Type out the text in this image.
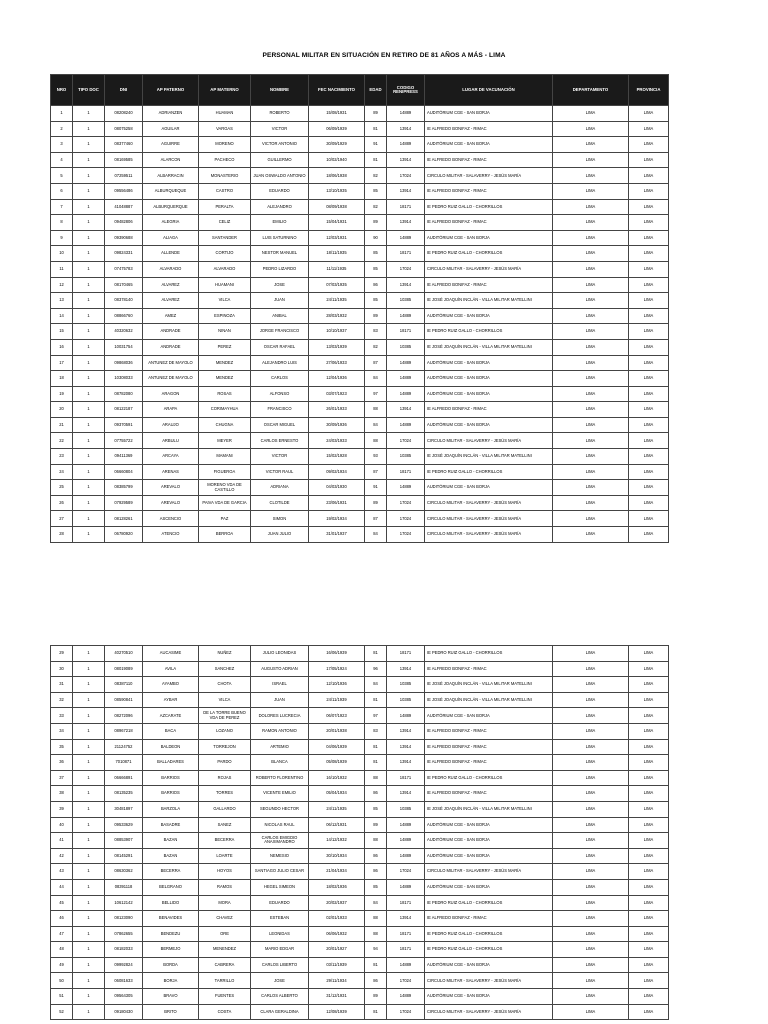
PERSONAL MILITAR EN SITUACIÓN EN RETIRO DE 81 AÑOS A MÁS - LIMA
NRO	TIPO DOC	DNI	AP PATERNO	AP MATERNO	NOMBRE	FEC NACIMIENTO	EDAD	CODIGO RENIPRESS	LUGAR DE VACUNACIÓN	DEPARTAMENTO	PROVINCIA
1	1	08208240	ADRIANZEN	HUAMAN	ROBERTO	15/08/1931	89	14889	AUDITÓRIUM CGE - SAN BORJA	LIMA	LIMA
2	1	08075258	AGUILAR	VARGAS	VICTOR	06/09/1939	81	13914	IE ALFREDO BONIFAZ - RIMAC	LIMA	LIMA
3	1	08377460	AGUIRRE	MORENO	VICTOR ANTONIO	30/09/1929	91	14889	AUDITÓRIUM CGE - SAN BORJA	LIMA	LIMA
4	1	08169585	ALARCON	PACHECO	GUILLERMO	10/02/1940	81	13914	IE ALFREDO BONIFAZ - RIMAC	LIMA	LIMA
5	1	07259511	ALBARRACIN	MONASTERIO	JUAN OSWALDO ANTONIO	18/06/1938	82	17024	CIRCULO MILITAR - SALAVERRY - JESÚS MARÍA	LIMA	LIMA
6	1	09556486	ALBURQUEQUE	CASTRO	EDUARDO	13/10/1935	85	13914	IE ALFREDO BONIFAZ - RIMAC	LIMA	LIMA
7	1	41048887	ALBURQUERQUE	PERALTA	ALEJANDRO	08/09/1938	82	18171	IE PEDRO RUIZ GALLO - CHORRILLOS	LIMA	LIMA
8	1	09482806	ALEGRIA	CELIZ	EMILIO	15/04/1931	89	13914	IE ALFREDO BONIFAZ - RIMAC	LIMA	LIMA
9	1	09390688	ALIAGA	SANTANDER	LUIS SATURNINO	12/03/1931	90	14889	AUDITÓRIUM CGE - SAN BORJA	LIMA	LIMA
10	1	09824331	ALLENDE	CORTIJO	NESTOR MANUEL	18/11/1935	85	18171	IE PEDRO RUIZ GALLO - CHORRILLOS	LIMA	LIMA
11	1	07475783	ALVARADO	ALVARADO	PEDRO LIZARDO	11/11/1935	85	17024	CIRCULO MILITAR - SALAVERRY - JESÚS MARÍA	LIMA	LIMA
12	1	08170465	ALVAREZ	HUAMANI	JOSE	07/03/1935	86	13914	IE ALFREDO BONIFAZ - RIMAC	LIMA	LIMA
13	1	08378140	ALVAREZ	VILCA	JUAN	24/11/1935	85	10385	IE JOSÉ JOAQUÍN INCLÁN - VILLA MILITAR MATELLINI	LIMA	LIMA
14	1	08866760	AMEZ	ESPINOZA	ANIBAL	28/03/1932	89	14889	AUDITÓRIUM CGE - SAN BORJA	LIMA	LIMA
15	1	40320632	ANDRADE	NINAN	JORGE FRANCISCO	10/10/1937	83	18171	IE PEDRO RUIZ GALLO - CHORRILLOS	LIMA	LIMA
16	1	10031754	ANDRADE	PEREZ	OSCAR RAFAEL	13/03/1939	82	10385	IE JOSÉ JOAQUÍN INCLÁN - VILLA MILITAR MATELLINI	LIMA	LIMA
17	1	09868036	ANTUNEZ DE MAYOLO	MENDEZ	ALEJANDRO LUIS	27/06/1933	87	14889	AUDITÓRIUM CGE - SAN BORJA	LIMA	LIMA
18	1	10308033	ANTUNEZ DE MAYOLO	MENDEZ	CARLOS	12/04/1936	84	14889	AUDITÓRIUM CGE - SAN BORJA	LIMA	LIMA
19	1	08782080	ARAGON	ROSAS	ALFONSO	03/07/1923	97	14889	AUDITÓRIUM CGE - SAN BORJA	LIMA	LIMA
20	1	08122187	ARAPA	CORIMAYHUA	FRANCISCO	26/01/1933	88	13914	IE ALFREDO BONIFAZ - RIMAC	LIMA	LIMA
21	1	09370591	ARAUJO	CHUGNA	OSCAR MIGUEL	30/09/1936	84	14889	AUDITÓRIUM CGE - SAN BORJA	LIMA	LIMA
22	1	07755722	ARBULU	MEYER	CARLOS ERNESTO	24/03/1933	88	17024	CIRCULO MILITAR - SALAVERRY - JESÚS MARÍA	LIMA	LIMA
23	1	09411369	ARCAYA	MAMANI	VICTOR	15/02/1928	93	10385	IE JOSÉ JOAQUÍN INCLÁN - VILLA MILITAR MATELLINI	LIMA	LIMA
24	1	06660804	ARENAS	FIGUEROA	VICTOR RAUL	09/02/1934	87	18171	IE PEDRO RUIZ GALLO - CHORRILLOS	LIMA	LIMA
25	1	08385799	AREVALO	MORENO VDA DE CASTILLO	ADRIANA	04/03/1930	91	14889	AUDITÓRIUM CGE - SAN BORJA	LIMA	LIMA
26	1	07929589	AREVALO	PAIVA VDA DE GARCIA	CLOTILDE	23/06/1931	89	17024	CIRCULO MILITAR - SALAVERRY - JESÚS MARÍA	LIMA	LIMA
27	1	08128261	ASCENCIO	PAZ	SIMON	19/02/1934	87	17024	CIRCULO MILITAR - SALAVERRY - JESÚS MARÍA	LIMA	LIMA
28	1	06780920	ATENCIO	BERROA	JUAN JULIO	31/01/1937	84	17024	CIRCULO MILITAR - SALAVERRY - JESÚS MARÍA	LIMA	LIMA
29	1	40270510	AUCASIME	NUÑEZ	JULIO LEONIDAS	16/06/1939	81	18171	IE PEDRO RUIZ GALLO - CHORRILLOS	LIMA	LIMA
30	1	08019089	AVILA	SANCHEZ	AUGUSTO ADRIAN	17/05/1924	96	13914	IE ALFREDO BONIFAZ - RIMAC	LIMA	LIMA
31	1	08387110	AYAMBO	CHOTA	ISRAEL	12/10/1936	84	10385	IE JOSÉ JOAQUÍN INCLÁN - VILLA MILITAR MATELLINI	LIMA	LIMA
32	1	08590841	AYBAR	VILCA	JUAN	24/11/1939	81	10385	IE JOSÉ JOAQUÍN INCLÁN - VILLA MILITAR MATELLINI	LIMA	LIMA
33	1	08272096	AZCARATE	DE LA TORRE BUENO VDA DE PEREZ	DOLORES LUCRECIA	06/07/1923	97	14889	AUDITÓRIUM CGE - SAN BORJA	LIMA	LIMA
34	1	08967218	BACA	LOZANO	RAMON ANTONIO	20/01/1938	83	13914	IE ALFREDO BONIFAZ - RIMAC	LIMA	LIMA
35	1	21124752	BALDEON	TORREJON	ARTEMIO	04/06/1939	81	13914	IE ALFREDO BONIFAZ - RIMAC	LIMA	LIMA
36	1	7010871	BALLADARES	PARDO	BLANCA	05/08/1939	81	13914	IE ALFREDO BONIFAZ - RIMAC	LIMA	LIMA
37	1	06666891	BARRIOS	ROJAS	ROBERTO FLORENTINO	16/10/1932	88	18171	IE PEDRO RUIZ GALLO - CHORRILLOS	LIMA	LIMA
38	1	08135235	BARRIOS	TORRES	VICENTE EMILIO	05/04/1934	86	13914	IE ALFREDO BONIFAZ - RIMAC	LIMA	LIMA
39	1	30481897	BARZOLA	GALLARDO	SEGUNDO HECTOR	24/11/1935	85	10385	IE JOSÉ JOAQUÍN INCLÁN - VILLA MILITAR MATELLINI	LIMA	LIMA
40	1	09533629	BASADRE	SANEZ	NICOLAS RAUL	06/12/1931	89	14889	AUDITÓRIUM CGE - SAN BORJA	LIMA	LIMA
41	1	08853907	BAZAN	BECERRA	CARLOS EMIGDIO ANAXIMANDRO	14/12/1932	88	14889	AUDITÓRIUM CGE - SAN BORJA	LIMA	LIMA
42	1	08145291	BAZAN	LOARTE	NEMESIO	30/10/1934	86	14889	AUDITÓRIUM CGE - SAN BORJA	LIMA	LIMA
43	1	08630362	BECERRA	HOYOS	SANTIAGO JULIO CESAR	21/04/1934	86	17024	CIRCULO MILITAR - SALAVERRY - JESÚS MARÍA	LIMA	LIMA
44	1	08391118	BELGRANO	RAMOS	HEGEL SIMEON	18/02/1936	85	14889	AUDITÓRIUM CGE - SAN BORJA	LIMA	LIMA
45	1	10612142	BELLIDO	MORA	EDUARDO	20/02/1937	84	18171	IE PEDRO RUIZ GALLO - CHORRILLOS	LIMA	LIMA
46	1	08123090	BENAVIDES	CHAVEZ	ESTEBAN	02/01/1933	88	13914	IE ALFREDO BONIFAZ - RIMAC	LIMA	LIMA
47	1	07862655	BENDEZU	ORE	LEONIDAS	06/06/1932	88	18171	IE PEDRO RUIZ GALLO - CHORRILLOS	LIMA	LIMA
48	1	08182033	BERMEJO	MENENDEZ	MARIO EDGAR	20/01/1927	94	18171	IE PEDRO RUIZ GALLO - CHORRILLOS	LIMA	LIMA
49	1	09992824	BORDA	CABRERA	CARLOS LIBERTO	03/11/1939	81	14889	AUDITÓRIUM CGE - SAN BORJA	LIMA	LIMA
50	1	06081633	BORJA	TARRILLO	JOSE	29/11/1934	86	17024	CIRCULO MILITAR - SALAVERRY - JESÚS MARÍA	LIMA	LIMA
51	1	09564305	BRAVO	FUENTES	CARLOS ALBERTO	31/12/1931	89	14889	AUDITÓRIUM CGE - SAN BORJA	LIMA	LIMA
52	1	09180430	BRITO	COSTA	CLARA GERALDINA	12/08/1939	81	17024	CIRCULO MILITAR - SALAVERRY - JESÚS MARÍA	LIMA	LIMA
